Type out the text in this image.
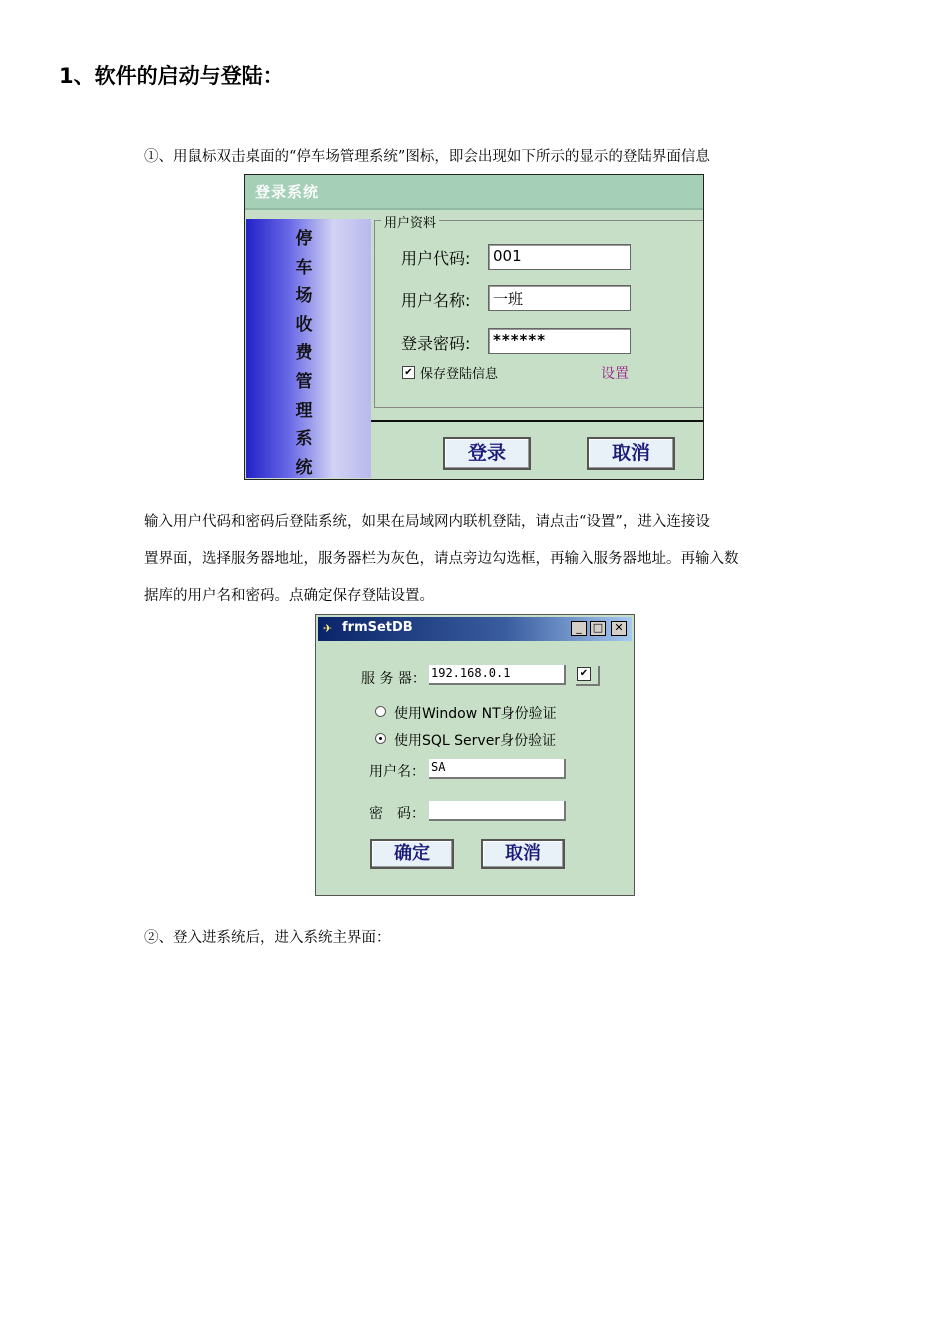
1、软件的启动与登陆：
①、用鼠标双击桌面的“停车场管理系统”图标，即会出现如下所示的显示的登陆界面信息
登录系统
停
车
场
收
费
管
理
系
统
用户资料
用户代码:	001
用户名称:	一班
登录密码:	******
✔ 保存登陆信息	设置
登录	取消
输入用户代码和密码后登陆系统，如果在局域网内联机登陆，请点击“设置”，进入连接设
置界面，选择服务器地址，服务器栏为灰色，请点旁边勾选框，再输入服务器地址。再输入数
据库的用户名和密码。点确定保存登陆设置。
✈ frmSetDB	_	□	✕
服 务 器： 192.168.0.1	✔
使用Window NT身份验证
使用SQL Server身份验证
用户名： SA
密　码：
确定	取消
②、登入进系统后，进入系统主界面：
